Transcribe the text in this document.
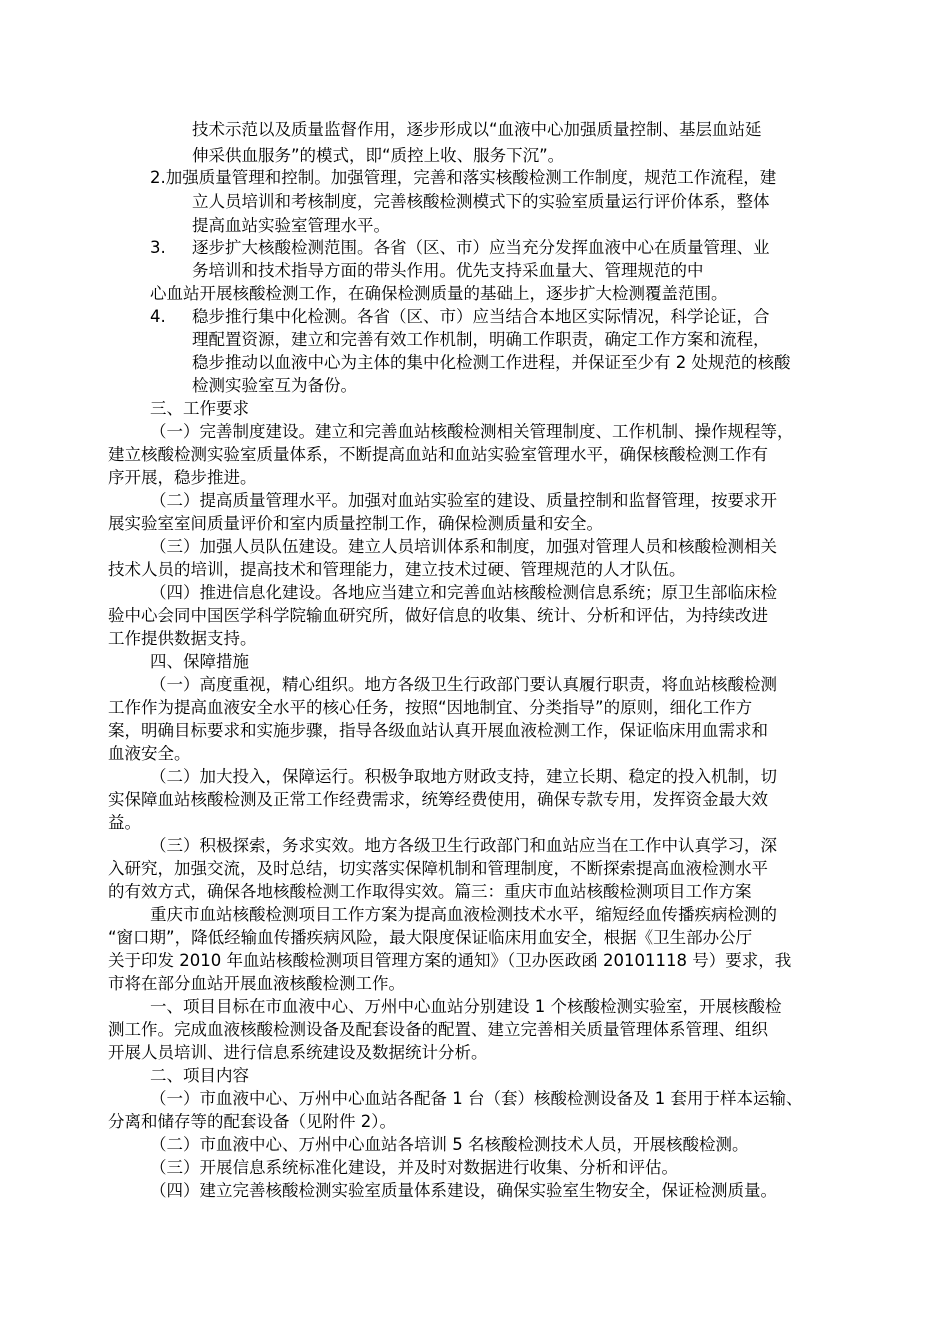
技术示范以及质量监督作用，逐步形成以“血液中心加强质量控制、基层血站延
伸采供血服务”的模式，即“质控上收、服务下沉”。
2.加强质量管理和控制。加强管理，完善和落实核酸检测工作制度，规范工作流程，建
立人员培训和考核制度，完善核酸检测模式下的实验室质量运行评价体系，整体
提高血站实验室管理水平。
3. 逐步扩大核酸检测范围。各省（区、市）应当充分发挥血液中心在质量管理、业
务培训和技术指导方面的带头作用。优先支持采血量大、管理规范的中
心血站开展核酸检测工作，在确保检测质量的基础上，逐步扩大检测覆盖范围。
4. 稳步推行集中化检测。各省（区、市）应当结合本地区实际情况，科学论证，合
理配置资源，建立和完善有效工作机制，明确工作职责，确定工作方案和流程，
稳步推动以血液中心为主体的集中化检测工作进程，并保证至少有 2 处规范的核酸
检测实验室互为备份。
三、工作要求
（一）完善制度建设。建立和完善血站核酸检测相关管理制度、工作机制、操作规程等，
建立核酸检测实验室质量体系，不断提高血站和血站实验室管理水平，确保核酸检测工作有
序开展，稳步推进。
（二）提高质量管理水平。加强对血站实验室的建设、质量控制和监督管理，按要求开
展实验室室间质量评价和室内质量控制工作，确保检测质量和安全。
（三）加强人员队伍建设。建立人员培训体系和制度，加强对管理人员和核酸检测相关
技术人员的培训，提高技术和管理能力，建立技术过硬、管理规范的人才队伍。
（四）推进信息化建设。各地应当建立和完善血站核酸检测信息系统；原卫生部临床检
验中心会同中国医学科学院输血研究所，做好信息的收集、统计、分析和评估，为持续改进
工作提供数据支持。
四、保障措施
（一）高度重视，精心组织。地方各级卫生行政部门要认真履行职责，将血站核酸检测
工作作为提高血液安全水平的核心任务，按照“因地制宜、分类指导”的原则，细化工作方
案，明确目标要求和实施步骤，指导各级血站认真开展血液检测工作，保证临床用血需求和
血液安全。
（二）加大投入，保障运行。积极争取地方财政支持，建立长期、稳定的投入机制，切
实保障血站核酸检测及正常工作经费需求，统筹经费使用，确保专款专用，发挥资金最大效
益。
（三）积极探索，务求实效。地方各级卫生行政部门和血站应当在工作中认真学习，深
入研究，加强交流，及时总结，切实落实保障机制和管理制度，不断探索提高血液检测水平
的有效方式，确保各地核酸检测工作取得实效。篇三：重庆市血站核酸检测项目工作方案
重庆市血站核酸检测项目工作方案为提高血液检测技术水平，缩短经血传播疾病检测的
“窗口期”，降低经输血传播疾病风险，最大限度保证临床用血安全，根据《卫生部办公厅
关于印发 2010 年血站核酸检测项目管理方案的通知》（卫办医政函 20101118 号）要求，我
市将在部分血站开展血液核酸检测工作。
一、项目目标在市血液中心、万州中心血站分别建设 1 个核酸检测实验室，开展核酸检
测工作。完成血液核酸检测设备及配套设备的配置、建立完善相关质量管理体系管理、组织
开展人员培训、进行信息系统建设及数据统计分析。
二、项目内容
（一）市血液中心、万州中心血站各配备 1 台（套）核酸检测设备及 1 套用于样本运输、
分离和储存等的配套设备（见附件 2）。
（二）市血液中心、万州中心血站各培训 5 名核酸检测技术人员，开展核酸检测。
（三）开展信息系统标准化建设，并及时对数据进行收集、分析和评估。
（四）建立完善核酸检测实验室质量体系建设，确保实验室生物安全，保证检测质量。
